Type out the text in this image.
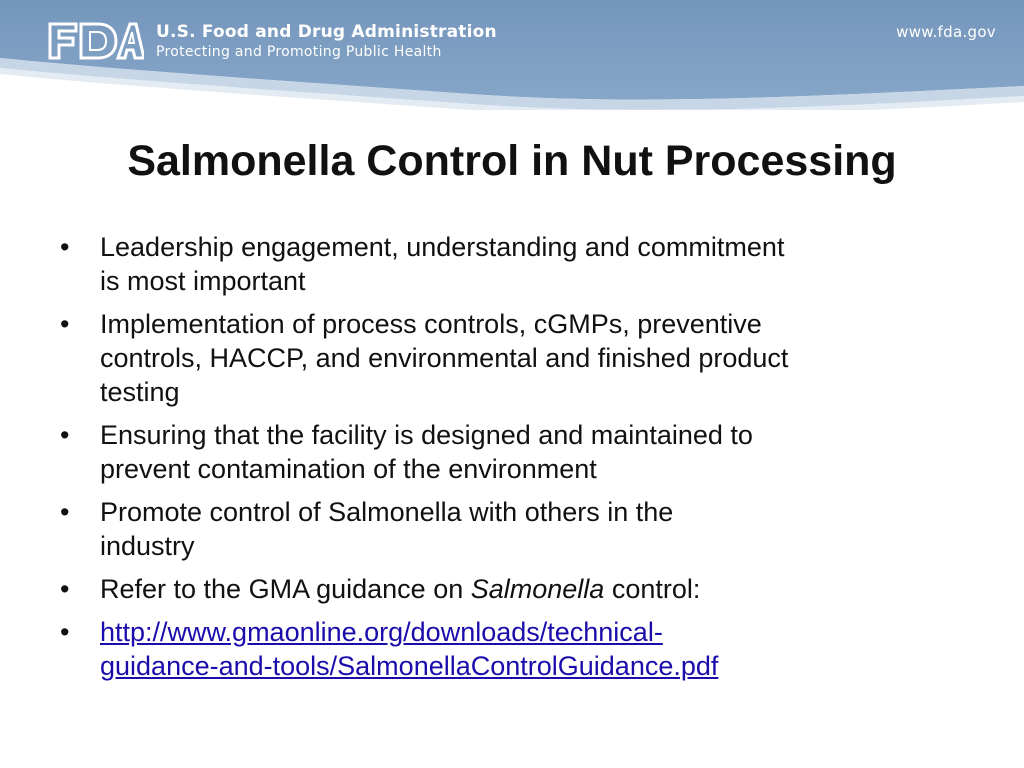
U.S. Food and Drug Administration
Protecting and Promoting Public Health
www.fda.gov
Salmonella Control in Nut Processing
• Leadership engagement, understanding and commitment
is most important
• Implementation of process controls, cGMPs, preventive
controls, HACCP, and environmental and finished product
testing
• Ensuring that the facility is designed and maintained to
prevent contamination of the environment
• Promote control of Salmonella with others in the
industry
• Refer to the GMA guidance on Salmonella control:
• http://www.gmaonline.org/downloads/technical-
guidance-and-tools/SalmonellaControlGuidance.pdf
